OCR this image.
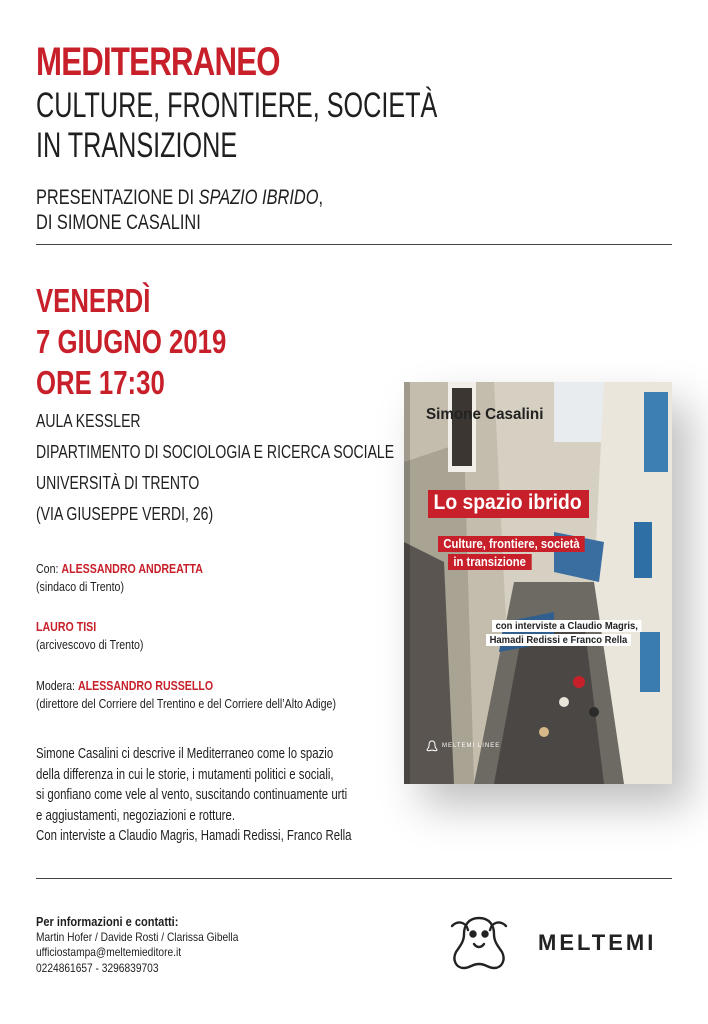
MEDITERRANEO
CULTURE, FRONTIERE, SOCIETÀ
IN TRANSIZIONE
PRESENTAZIONE DI SPAZIO IBRIDO,
DI SIMONE CASALINI
VENERDÌ
7 GIUGNO 2019
ORE 17:30
AULA KESSLER
DIPARTIMENTO DI SOCIOLOGIA E RICERCA SOCIALE
UNIVERSITÀ DI TRENTO
(VIA GIUSEPPE VERDI, 26)
Con: ALESSANDRO ANDREATTA
(sindaco di Trento)
LAURO TISI
(arcivescovo di Trento)
Modera: ALESSANDRO RUSSELLO
(direttore del Corriere del Trentino e del Corriere dell’Alto Adige)
Simone Casalini ci descrive il Mediterraneo come lo spazio
della differenza in cui le storie, i mutamenti politici e sociali,
si gonfiano come vele al vento, suscitando continuamente urti
e aggiustamenti, negoziazioni e rotture.
Con interviste a Claudio Magris, Hamadi Redissi, Franco Rella
Per informazioni e contatti:
Martin Hofer / Davide Rosti / Clarissa Gibella
ufficiostampa@meltemieditore.it
0224861657 - 3296839703
MELTEMI
Simone Casalini
Lo spazio ibrido
Culture, frontiere, società
in transizione
con interviste a Claudio Magris,
Hamadi Redissi e Franco Rella
MELTEMI LINEE
